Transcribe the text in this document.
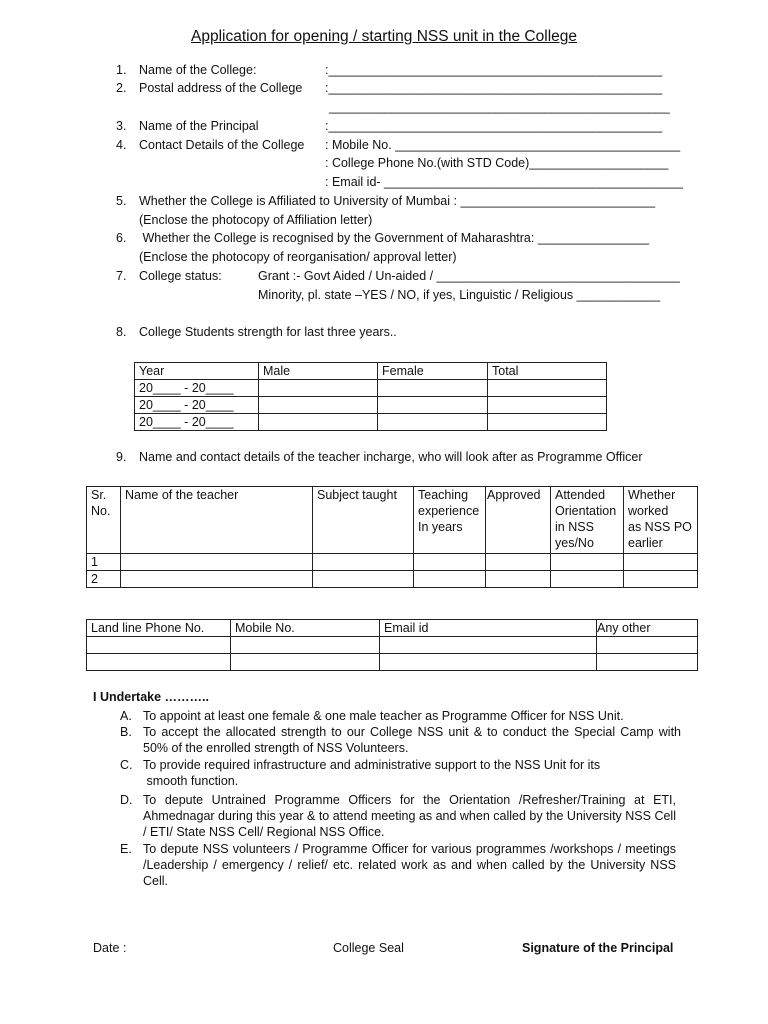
Application for opening / starting NSS unit in the College
1. Name of the College:	:________________________________________________
2. Postal address of the College :________________________________________________
_________________________________________________
3. Name of the Principal	:________________________________________________
4. Contact Details of the College : Mobile No. _________________________________________
: College Phone No.(with STD Code)____________________
: Email id- ___________________________________________
5. Whether the College is Affiliated to University of Mumbai : ____________________________
(Enclose the photocopy of Affiliation letter)
6. Whether the College is recognised by the Government of Maharashtra: ________________
(Enclose the photocopy of reorganisation/ approval letter)
7. College status:	Grant :- Govt Aided / Un-aided / ___________________________________
Minority, pl. state –YES / NO, if yes, Linguistic / Religious ____________
8. College Students strength for last three years..
Year	Male	Female	Total
20____ - 20____			
20____ - 20____			
20____ - 20____			
9. Name and contact details of the teacher incharge, who will look after as Programme Officer
Sr.
No.	Name of the teacher	Subject taught	Teaching
experience
In years	Approved	Attended
Orientation
in NSS
yes/No	Whether
worked
as NSS PO
earlier
1						
2						
Land line Phone No.	Mobile No.	Email id	Any other

I Undertake ………..
A. To appoint at least one female & one male teacher as Programme Officer for NSS Unit.
B. To accept the allocated strength to our College NSS unit & to conduct the Special Camp with 50% of the enrolled strength of NSS Volunteers.
C. To provide required infrastructure and administrative support to the NSS Unit for its
smooth function.
D. To depute Untrained Programme Officers for the Orientation /Refresher/Training at ETI, Ahmednagar during this year & to attend meeting as and when called by the University NSS Cell / ETI/ State NSS Cell/ Regional NSS Office.
E. To depute NSS volunteers / Programme Officer for various programmes /workshops / meetings /Leadership / emergency / relief/ etc. related work as and when called by the University NSS Cell.
Date :	College Seal	Signature of the Principal
